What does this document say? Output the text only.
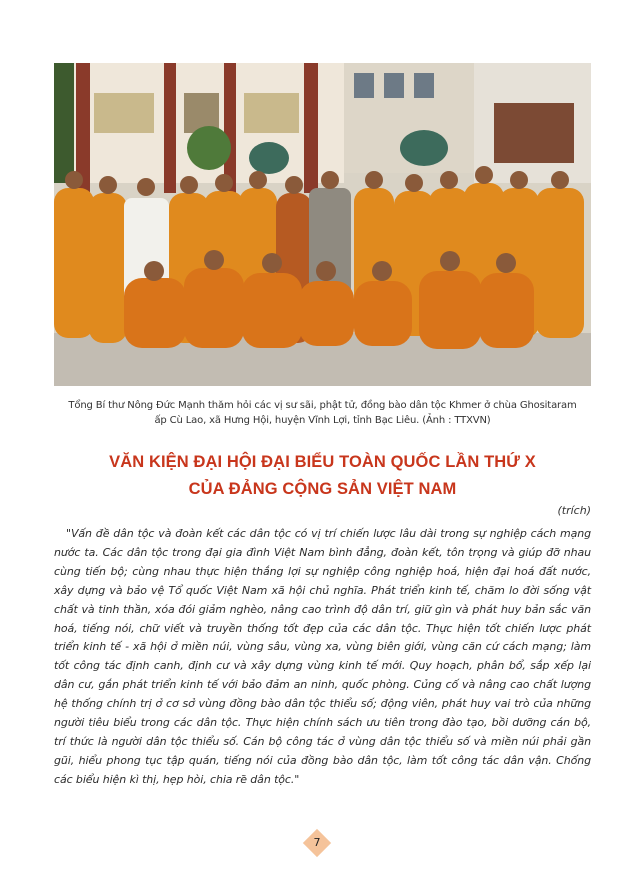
Tổng Bí thư Nông Đức Mạnh thăm hỏi các vị sư sãi, phật tử, đồng bào dân tộc Khmer ở chùa Ghositaram
ấp Cù Lao, xã Hưng Hội, huyện Vĩnh Lợi, tỉnh Bạc Liêu. (Ảnh : TTXVN)
VĂN KIỆN ĐẠI HỘI ĐẠI BIỂU TOÀN QUỐC LẦN THỨ X
CỦA ĐẢNG CỘNG SẢN VIỆT NAM
(trích)

"Vấn đề dân tộc và đoàn kết các dân tộc có vị trí chiến lược lâu dài trong sự nghiệp cách mạng nước ta. Các dân tộc trong đại gia đình Việt Nam bình đẳng, đoàn kết, tôn trọng và giúp đỡ nhau cùng tiến bộ; cùng nhau thực hiện thắng lợi sự nghiệp công nghiệp hoá, hiện đại hoá đất nước, xây dựng và bảo vệ Tổ quốc Việt Nam xã hội chủ nghĩa. Phát triển kinh tế, chăm lo đời sống vật chất và tinh thần, xóa đói giảm nghèo, nâng cao trình độ dân trí, giữ gìn và phát huy bản sắc văn hoá, tiếng nói, chữ viết và truyền thống tốt đẹp của các dân tộc. Thực hiện tốt chiến lược phát triển kinh tế - xã hội ở miền núi, vùng sâu, vùng xa, vùng biên giới, vùng căn cứ cách mạng; làm tốt công tác định canh, định cư và xây dựng vùng kinh tế mới. Quy hoạch, phân bổ, sắp xếp lại dân cư, gắn phát triển kinh tế với bảo đảm an ninh, quốc phòng. Củng cố và nâng cao chất lượng hệ thống chính trị ở cơ sở vùng đồng bào dân tộc thiểu số; động viên, phát huy vai trò của những người tiêu biểu trong các dân tộc. Thực hiện chính sách ưu tiên trong đào tạo, bồi dưỡng cán bộ, trí thức là người dân tộc thiểu số. Cán bộ công tác ở vùng dân tộc thiểu số và miền núi phải gần gũi, hiểu phong tục tập quán, tiếng nói của đồng bào dân tộc, làm tốt công tác dân vận. Chống các biểu hiện kì thị, hẹp hòi, chia rẽ dân tộc."

7
